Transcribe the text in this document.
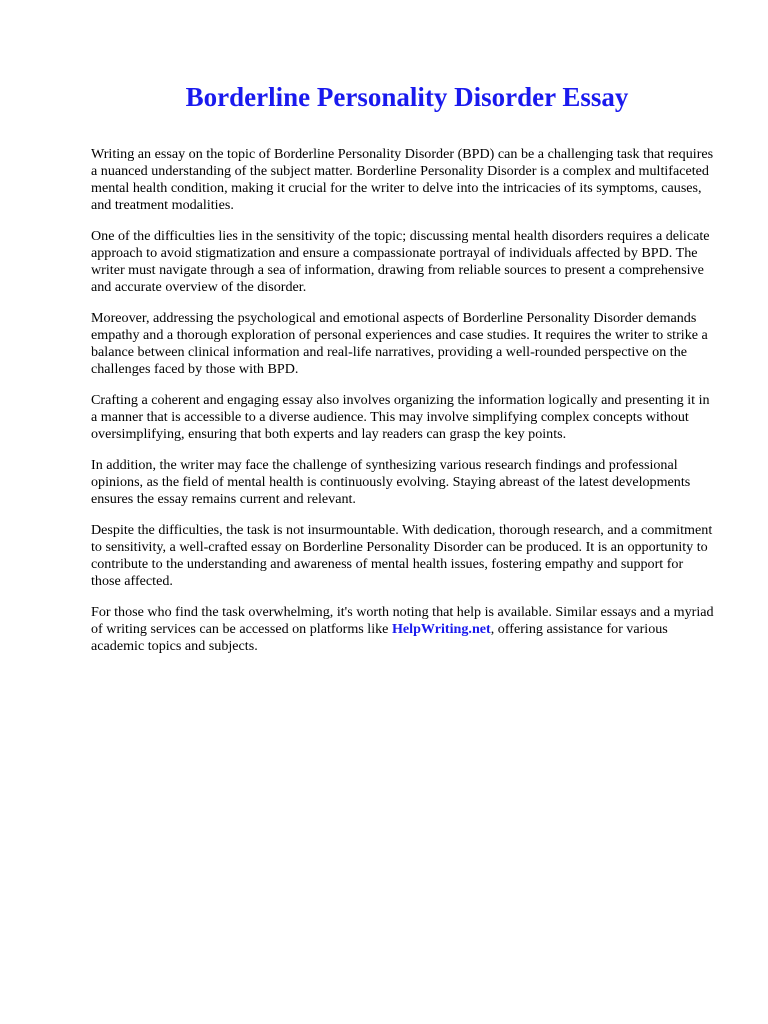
Borderline Personality Disorder Essay

Writing an essay on the topic of Borderline Personality Disorder (BPD) can be a challenging task that requires a nuanced understanding of the subject matter. Borderline Personality Disorder is a complex and multifaceted mental health condition, making it crucial for the writer to delve into the intricacies of its symptoms, causes, and treatment modalities.

One of the difficulties lies in the sensitivity of the topic; discussing mental health disorders requires a delicate approach to avoid stigmatization and ensure a compassionate portrayal of individuals affected by BPD. The writer must navigate through a sea of information, drawing from reliable sources to present a comprehensive and accurate overview of the disorder.

Moreover, addressing the psychological and emotional aspects of Borderline Personality Disorder demands empathy and a thorough exploration of personal experiences and case studies. It requires the writer to strike a balance between clinical information and real-life narratives, providing a well-rounded perspective on the challenges faced by those with BPD.

Crafting a coherent and engaging essay also involves organizing the information logically and presenting it in a manner that is accessible to a diverse audience. This may involve simplifying complex concepts without oversimplifying, ensuring that both experts and lay readers can grasp the key points.

In addition, the writer may face the challenge of synthesizing various research findings and professional opinions, as the field of mental health is continuously evolving. Staying abreast of the latest developments ensures the essay remains current and relevant.

Despite the difficulties, the task is not insurmountable. With dedication, thorough research, and a commitment to sensitivity, a well-crafted essay on Borderline Personality Disorder can be produced. It is an opportunity to contribute to the understanding and awareness of mental health issues, fostering empathy and support for those affected.

For those who find the task overwhelming, it's worth noting that help is available. Similar essays and a myriad of writing services can be accessed on platforms like HelpWriting.net, offering assistance for various academic topics and subjects.
